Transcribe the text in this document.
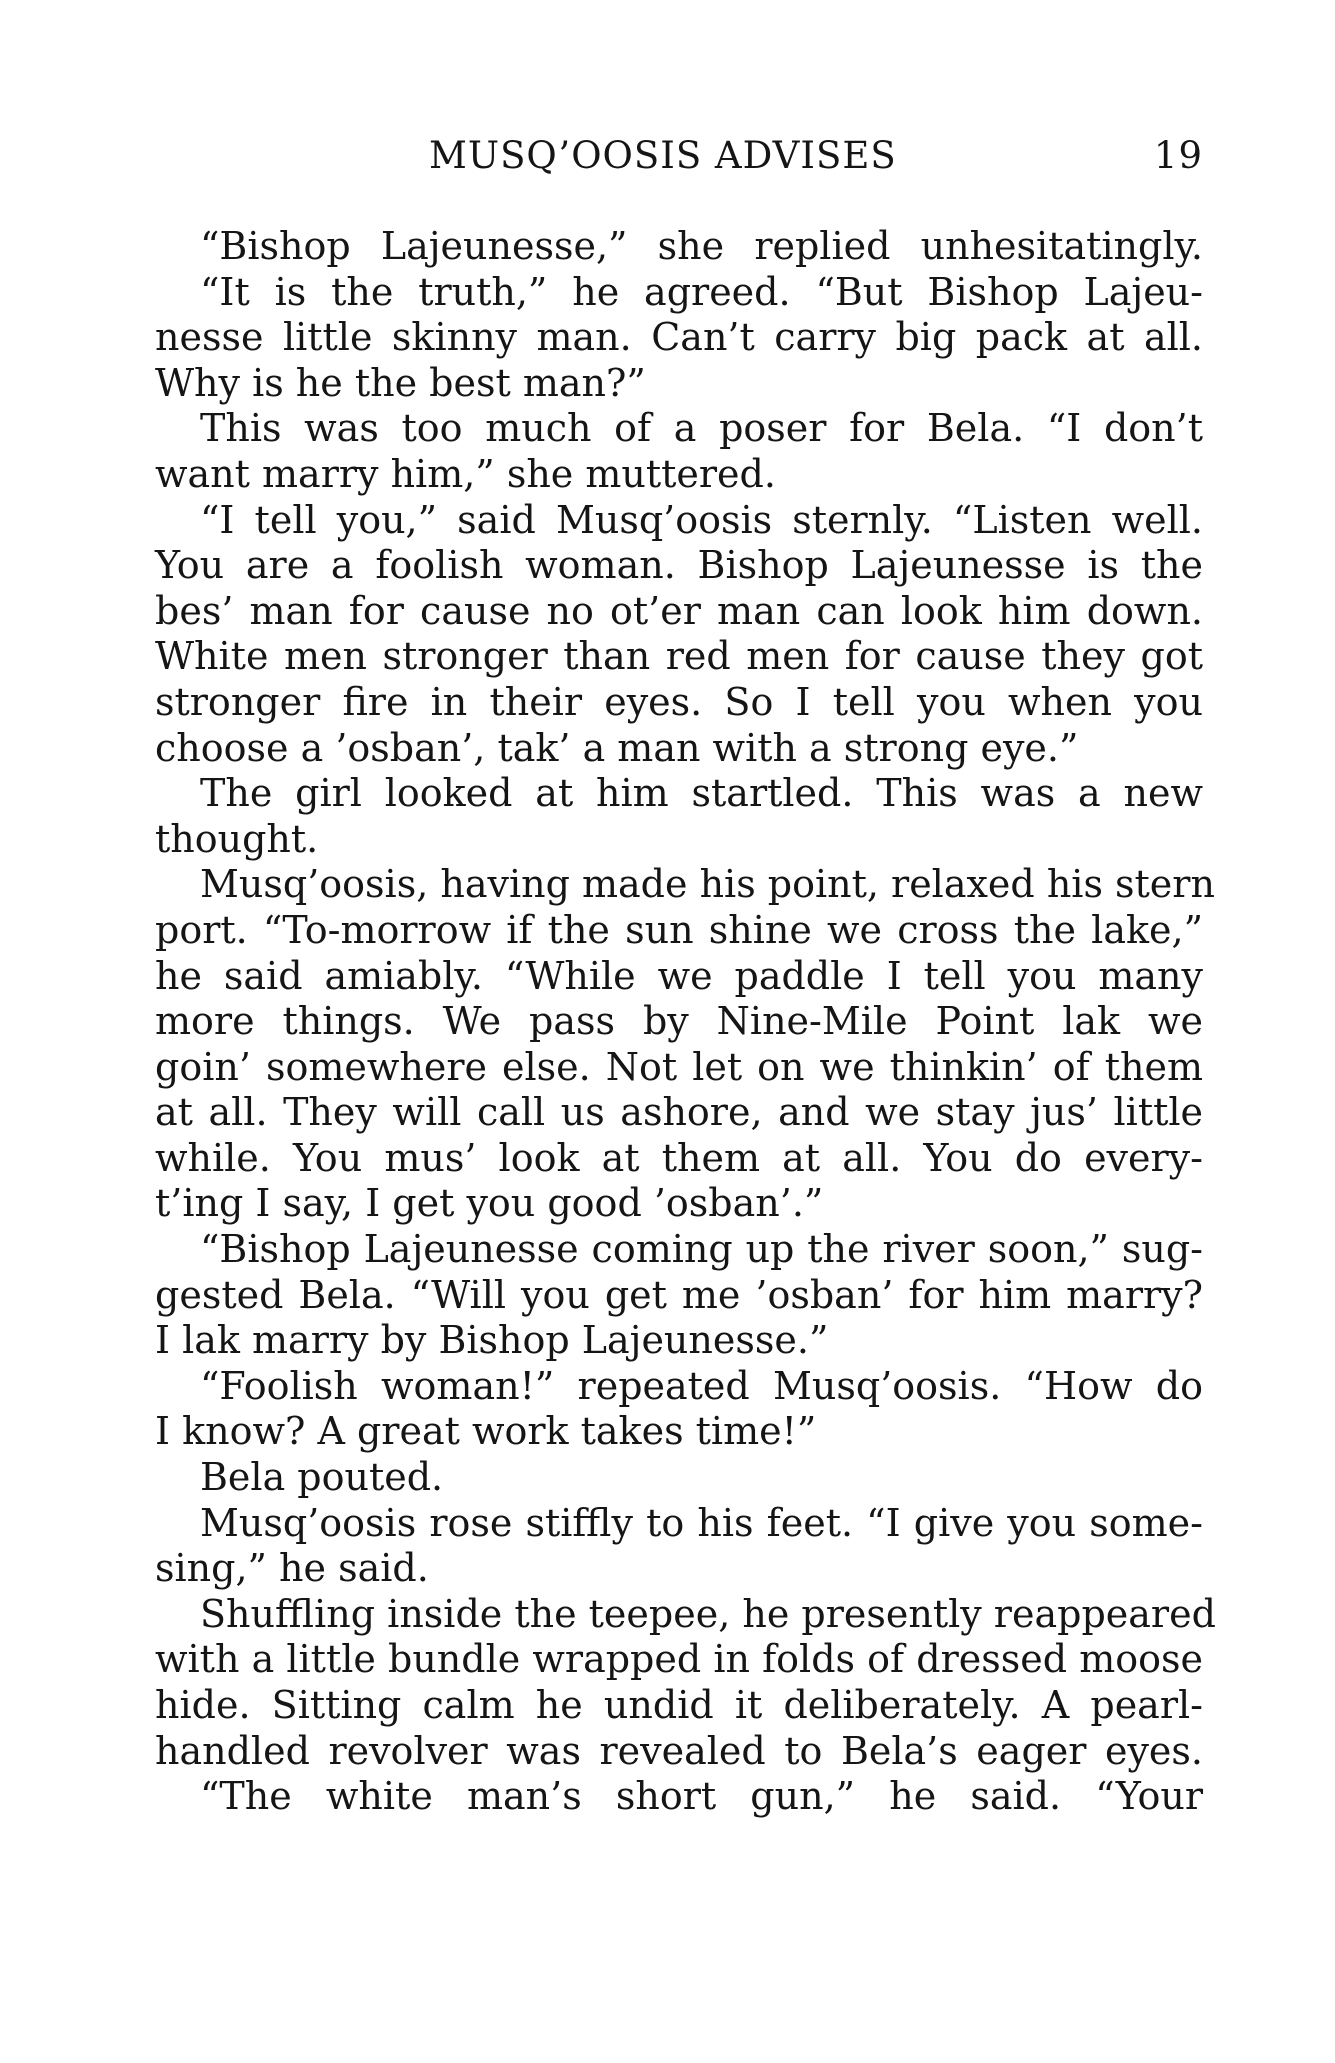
MUSQ’OOSIS ADVISES	19
“Bishop Lajeunesse,” she replied unhesitatingly.
“It is the truth,” he agreed. “But Bishop Lajeu-
nesse little skinny man. Can’t carry big pack at all.
Why is he the best man?”
This was too much of a poser for Bela. “I don’t
want marry him,” she muttered.
“I tell you,” said Musq’oosis sternly. “Listen well.
You are a foolish woman. Bishop Lajeunesse is the
bes’ man for cause no ot’er man can look him down.
White men stronger than red men for cause they got
stronger fire in their eyes. So I tell you when you
choose a ’osban’, tak’ a man with a strong eye.”
The girl looked at him startled. This was a new
thought.
Musq’oosis, having made his point, relaxed his stern
port. “To-morrow if the sun shine we cross the lake,”
he said amiably. “While we paddle I tell you many
more things. We pass by Nine-Mile Point lak we
goin’ somewhere else. Not let on we thinkin’ of them
at all. They will call us ashore, and we stay jus’ little
while. You mus’ look at them at all. You do every-
t’ing I say, I get you good ’osban’.”
“Bishop Lajeunesse coming up the river soon,” sug-
gested Bela. “Will you get me ’osban’ for him marry?
I lak marry by Bishop Lajeunesse.”
“Foolish woman!” repeated Musq’oosis. “How do
I know? A great work takes time!”
Bela pouted.
Musq’oosis rose stiffly to his feet. “I give you some-
sing,” he said.
Shuffling inside the teepee, he presently reappeared
with a little bundle wrapped in folds of dressed moose
hide. Sitting calm he undid it deliberately. A pearl-
handled revolver was revealed to Bela’s eager eyes.
“The white man’s short gun,” he said. “Your
